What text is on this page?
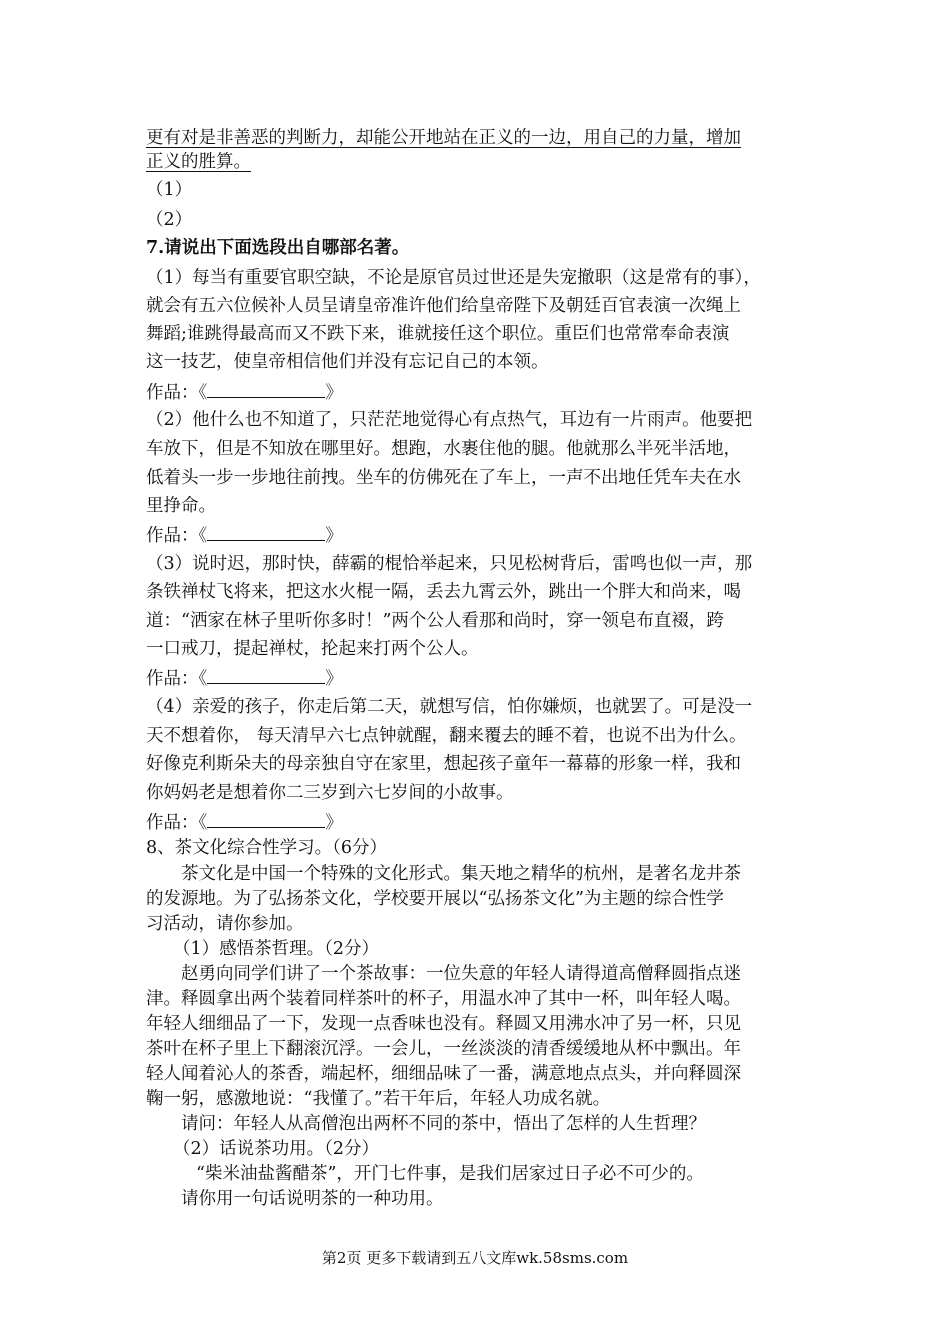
更有对是非善恶的判断力，却能公开地站在正义的一边，用自己的力量，增加

正义的胜算。

（1）

（2）

7.请说出下面选段出自哪部名著。

（1）每当有重要官职空缺，不论是原官员过世还是失宠撤职（这是常有的事），

就会有五六位候补人员呈请皇帝准许他们给皇帝陛下及朝廷百官表演一次绳上

舞蹈;谁跳得最高而又不跌下来，谁就接任这个职位。重臣们也常常奉命表演

这一技艺，使皇帝相信他们并没有忘记自己的本领。

作品：《	》

（2）他什么也不知道了，只茫茫地觉得心有点热气，耳边有一片雨声。他要把

车放下，但是不知放在哪里好。想跑，水裹住他的腿。他就那么半死半活地，

低着头一步一步地往前拽。坐车的仿佛死在了车上，一声不出地任凭车夫在水

里挣命。

作品：《	》

（3）说时迟，那时快，薛霸的棍恰举起来，只见松树背后，雷鸣也似一声，那

条铁禅杖飞将来，把这水火棍一隔，丢去九霄云外，跳出一个胖大和尚来，喝

道：“洒家在林子里听你多时！”两个公人看那和尚时，穿一领皂布直裰，跨

一口戒刀，提起禅杖，抡起来打两个公人。

作品：《	》

（4）亲爱的孩子，你走后第二天，就想写信，怕你嫌烦，也就罢了。可是没一

天不想着你， 每天清早六七点钟就醒，翻来覆去的睡不着，也说不出为什么。

好像克利斯朵夫的母亲独自守在家里，想起孩子童年一幕幕的形象一样，我和

你妈妈老是想着你二三岁到六七岁间的小故事。

作品：《	》

8、茶文化综合性学习。（6分）

茶文化是中国一个特殊的文化形式。集天地之精华的杭州，是著名龙井茶

的发源地。为了弘扬茶文化，学校要开展以“弘扬茶文化”为主题的综合性学

习活动，请你参加。

（1）感悟茶哲理。（2分）

赵勇向同学们讲了一个茶故事：一位失意的年轻人请得道高僧释圆指点迷

津。释圆拿出两个装着同样茶叶的杯子，用温水冲了其中一杯，叫年轻人喝。

年轻人细细品了一下，发现一点香味也没有。释圆又用沸水冲了另一杯，只见

茶叶在杯子里上下翻滚沉浮。一会儿，一丝淡淡的清香缓缓地从杯中飘出。年

轻人闻着沁人的茶香，端起杯，细细品味了一番，满意地点点头，并向释圆深

鞠一躬，感激地说：“我懂了。”若干年后，年轻人功成名就。

请问：年轻人从高僧泡出两杯不同的茶中，悟出了怎样的人生哲理？

（2）话说茶功用。（2分）

“柴米油盐酱醋茶”，开门七件事，是我们居家过日子必不可少的。

请你用一句话说明茶的一种功用。

第2页 更多下载请到五八文库wk.58sms.com
